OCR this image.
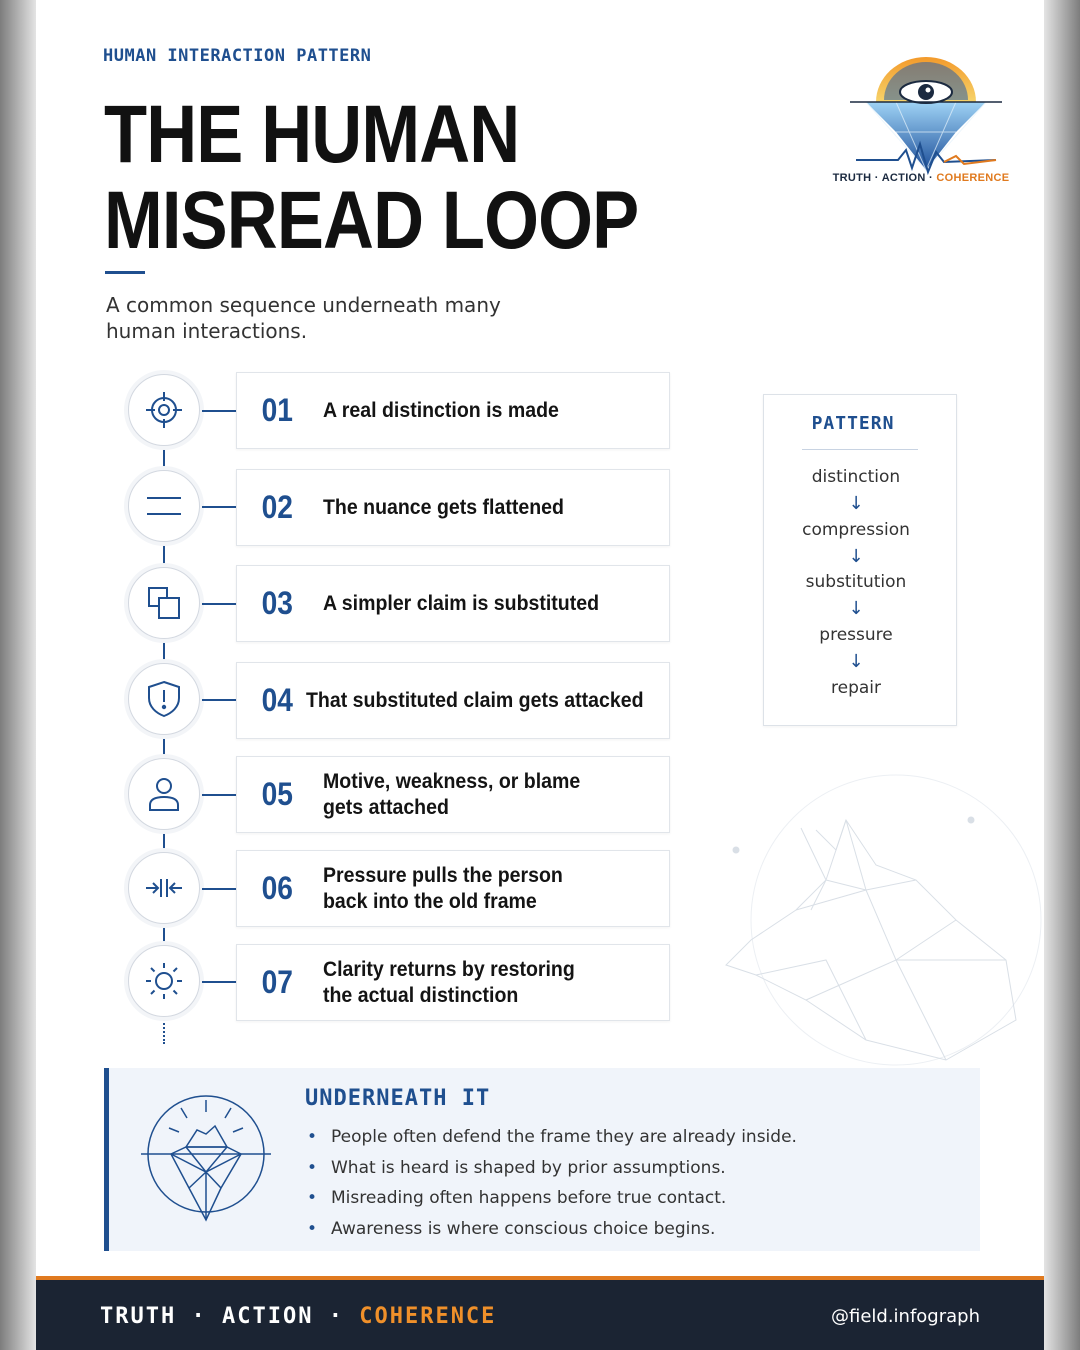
HUMAN INTERACTION PATTERN
THE HUMAN
MISREAD LOOP
A common sequence underneath many human interactions.
TRUTH · ACTION · COHERENCE
01	A real distinction is made
02	The nuance gets flattened
03	A simpler claim is substituted
04 That substituted claim gets attacked
05	Motive, weakness, or blame
gets attached
06	Pressure pulls the person
back into the old frame
07	Clarity returns by restoring
the actual distinction
PATTERN
distinction
↓
compression
↓
substitution
↓
pressure
↓
repair
UNDERNEATH IT
• People often defend the frame they are already inside.
• What is heard is shaped by prior assumptions.
• Misreading often happens before true contact.
• Awareness is where conscious choice begins.
TRUTH · ACTION · COHERENCE	@field.infograph
